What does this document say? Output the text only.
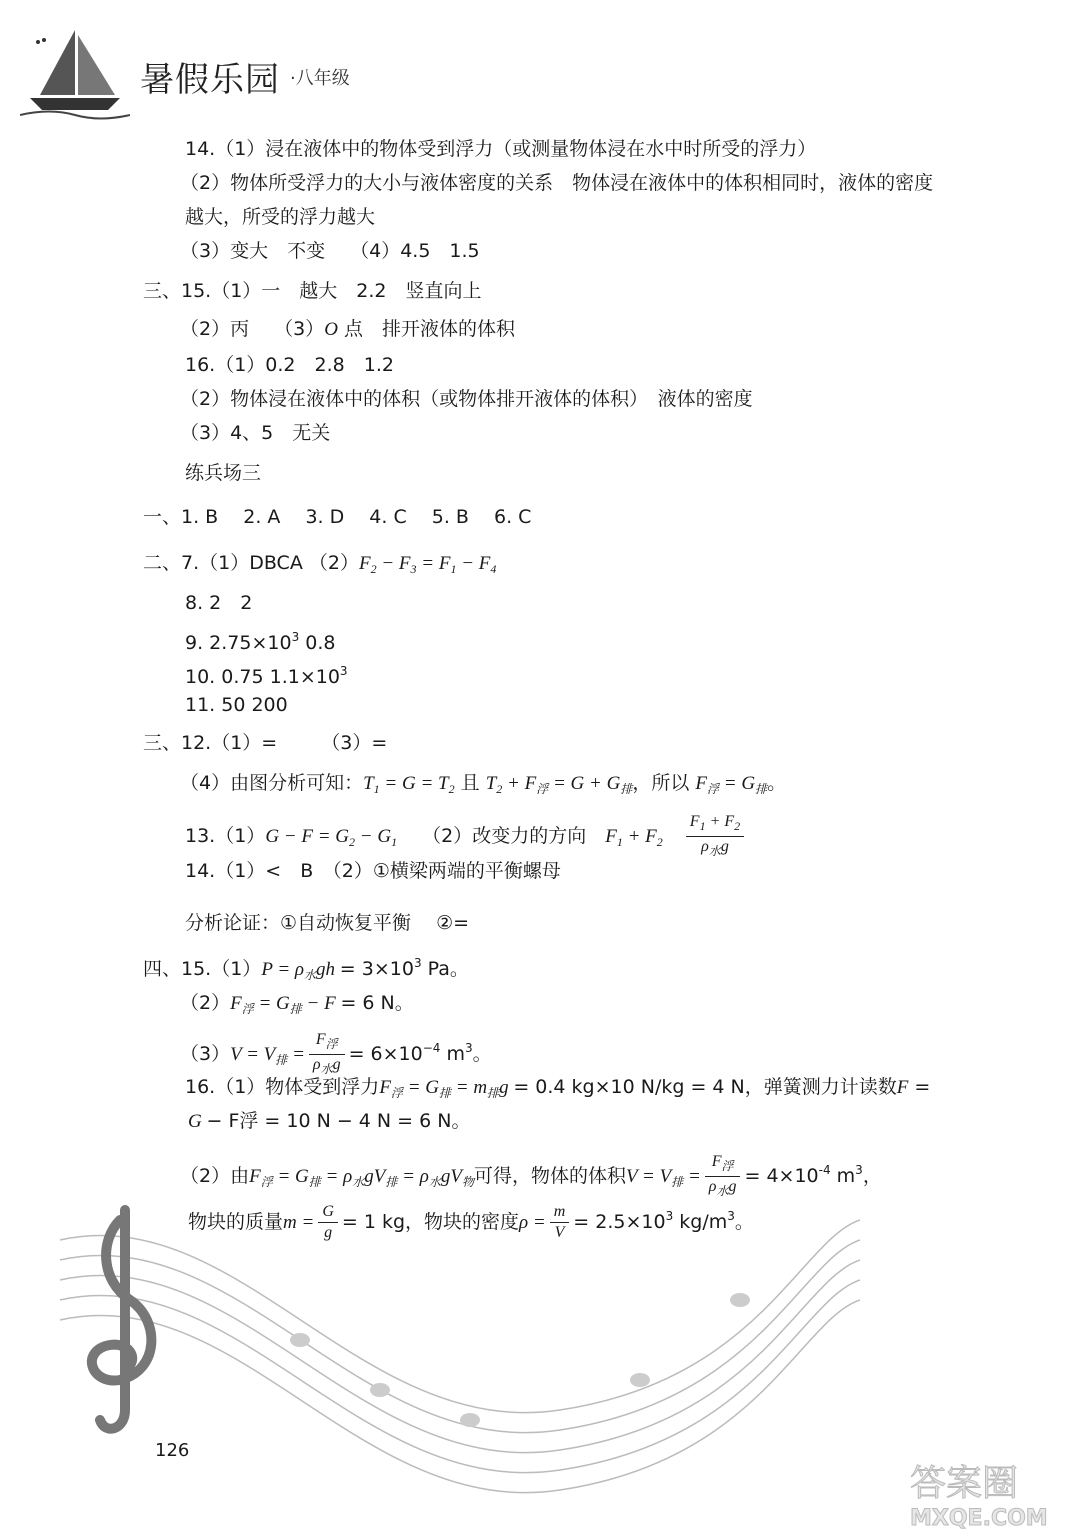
暑假乐园 ·八年级
14.（1）浸在液体中的物体受到浮力（或测量物体浸在水中时所受的浮力）
（2）物体所受浮力的大小与液体密度的关系　物体浸在液体中的体积相同时，液体的密度
越大，所受的浮力越大
（3）变大　不变　 （4）4.5　1.5
三、15.（1）一　越大　2.2　竖直向上
（2）丙　 （3）O 点　排开液体的体积
16.（1）0.2　2.8　1.2
（2）物体浸在液体中的体积（或物体排开液体的体积）　液体的密度
（3）4、5　无关
练兵场三
一、1. B　 2. A　 3. D　 4. C　 5. B　 6. C
二、7.（1）DBCA $(2)F_2 - F_3 = F_1 - F_4$
8. 2　2
9. $2.75\times 10^3$ 0.8
10. 0.75 $1.1\times 10^3$
11. 50 200
三、12.（1）=　　 （3）=
（4）由图分析可知：$T_1 = G = T_2$ 且 $T_2 + F_浮 = G + G_排$，所以 $F_浮 = G_排$。
$13.(1)G - F = G_2 - G_1$　 （2）改变力的方向　 $F_1 + F_2$　 $\frac{F_1 + F_2}{\rho_水g}$
14.（1）<　B　（2）①横梁两端的平衡螺母
分析论证：①自动恢复平衡　 ②=
四、$15.(1)P = \rho_水gh = 3\times 10^3$ Pa。
$(2)F_浮 = G_排 - F = 6$ N。
$(3)V = V_排 = \frac{F_浮}{\rho_水g} = 6\times 10^{-4}$ $m^3$。
16.（1）物体受到浮力$F_浮 = G_排 = m_排g = 0.4$ kg×10 N/kg = 4 N，弹簧测力计读数F =
G − F浮 = 10 N − 4 N = 6 N。
（2）由$F_浮 = G_排 = \rho_水gV_排 = \rho_水gV_物$可得，物体的体积$V = V_排 = \frac{F_浮}{\rho_水g} = 4\times 10^{-4}$ $m^3$，
物块的质量$m = \frac{G}{g} = 1$ kg，物块的密度$\rho = \frac{m}{V} = 2.5\times 10^3$ $kg/m^3$。
126
答案圈
MXQE.COM
